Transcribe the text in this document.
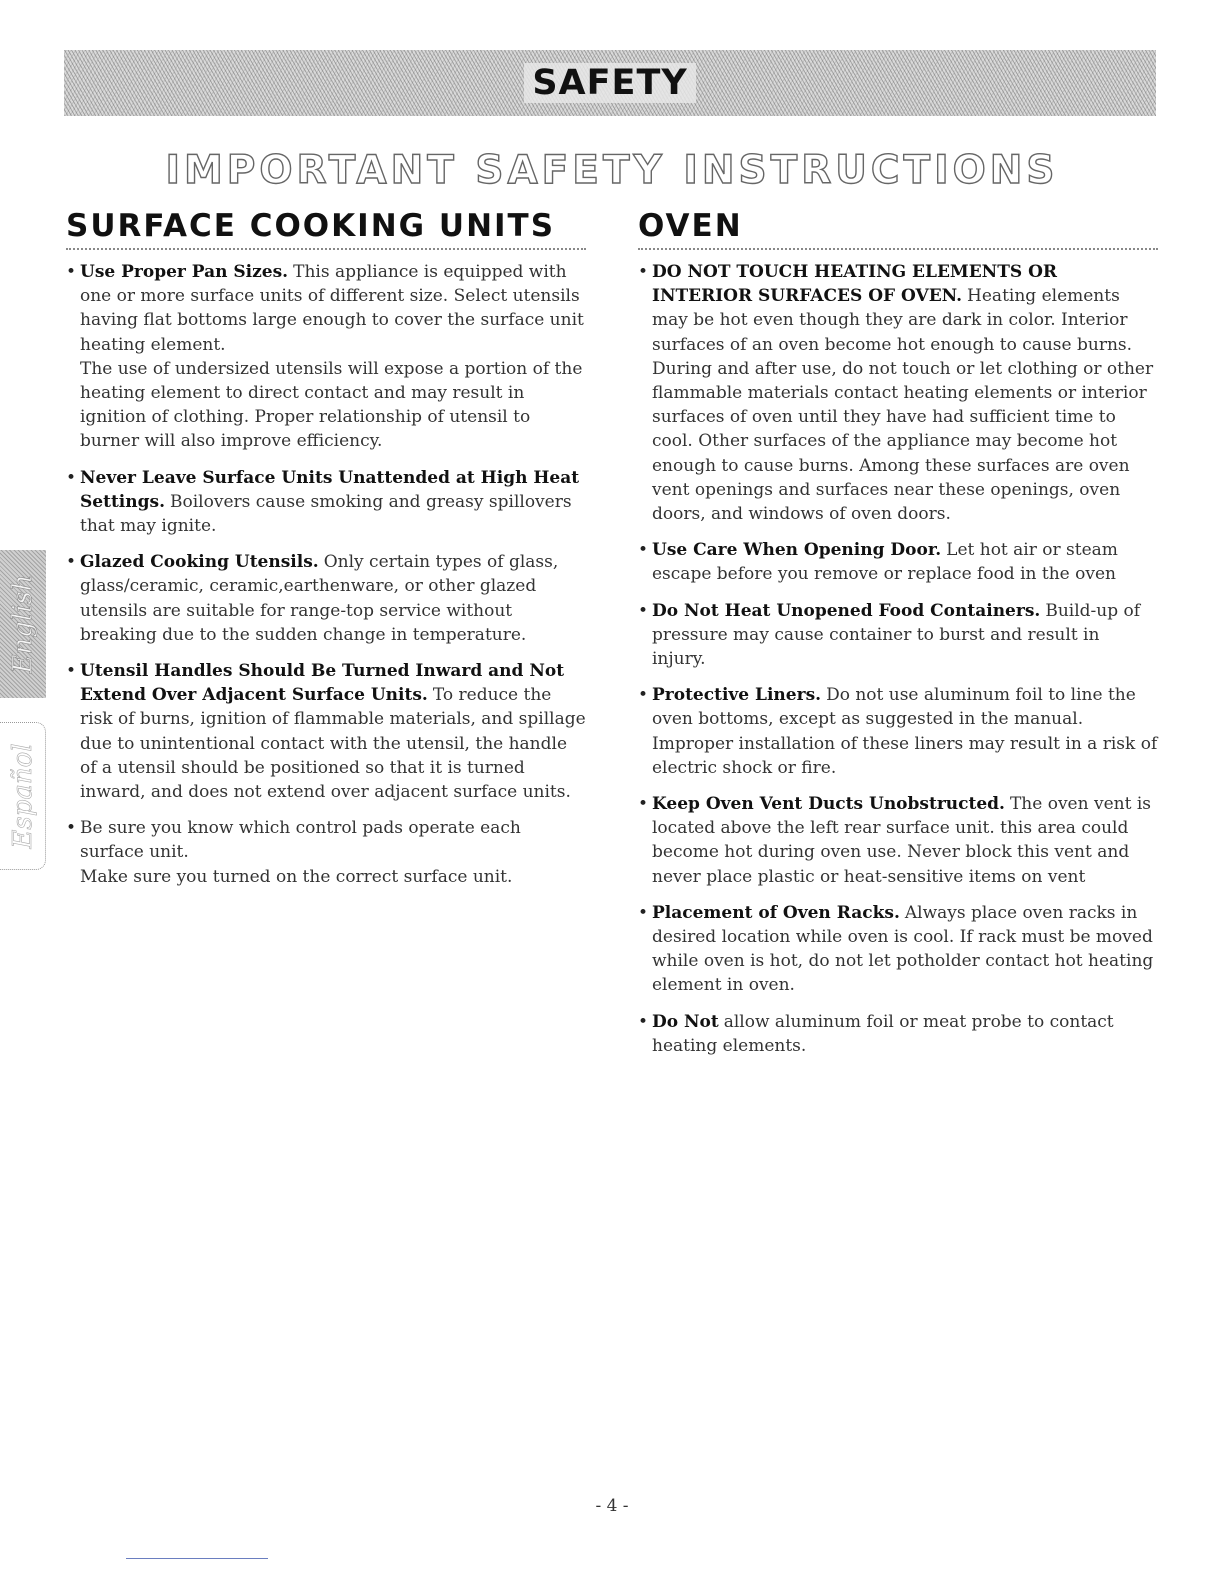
SAFETY
IMPORTANT SAFETY INSTRUCTIONS
English
Español
SURFACE COOKING UNITS
• Use Proper Pan Sizes. This appliance is equipped with one or more surface units of different size. Select utensils having flat bottoms large enough to cover the surface unit heating element.
The use of undersized utensils will expose a portion of the heating element to direct contact and may result in ignition of clothing. Proper relationship of utensil to burner will also improve efficiency.
• Never Leave Surface Units Unattended at High Heat Settings. Boilovers cause smoking and greasy spillovers that may ignite.
• Glazed Cooking Utensils. Only certain types of glass, glass/ceramic, ceramic,earthenware, or other glazed utensils are suitable for range-top service without breaking due to the sudden change in temperature.
• Utensil Handles Should Be Turned Inward and Not Extend Over Adjacent Surface Units. To reduce the risk of burns, ignition of flammable materials, and spillage due to unintentional contact with the utensil, the handle of a utensil should be positioned so that it is turned inward, and does not extend over adjacent surface units.
• Be sure you know which control pads operate each surface unit.
Make sure you turned on the correct surface unit.
OVEN
• DO NOT TOUCH HEATING ELEMENTS OR INTERIOR SURFACES OF OVEN. Heating elements may be hot even though they are dark in color. Interior surfaces of an oven become hot enough to cause burns. During and after use, do not touch or let clothing or other flammable materials contact heating elements or interior surfaces of oven until they have had sufficient time to cool. Other surfaces of the appliance may become hot enough to cause burns. Among these surfaces are oven vent openings and surfaces near these openings, oven doors, and windows of oven doors.
• Use Care When Opening Door. Let hot air or steam escape before you remove or replace food in the oven
• Do Not Heat Unopened Food Containers. Build-up of pressure may cause container to burst and result in injury.
• Protective Liners. Do not use aluminum foil to line the oven bottoms, except as suggested in the manual. Improper installation of these liners may result in a risk of electric shock or fire.
• Keep Oven Vent Ducts Unobstructed. The oven vent is located above the left rear surface unit. this area could become hot during oven use. Never block this vent and never place plastic or heat-sensitive items on vent
• Placement of Oven Racks. Always place oven racks in desired location while oven is cool. If rack must be moved while oven is hot, do not let potholder contact hot heating element in oven.
• Do Not allow aluminum foil or meat probe to contact heating elements.
- 4 -
